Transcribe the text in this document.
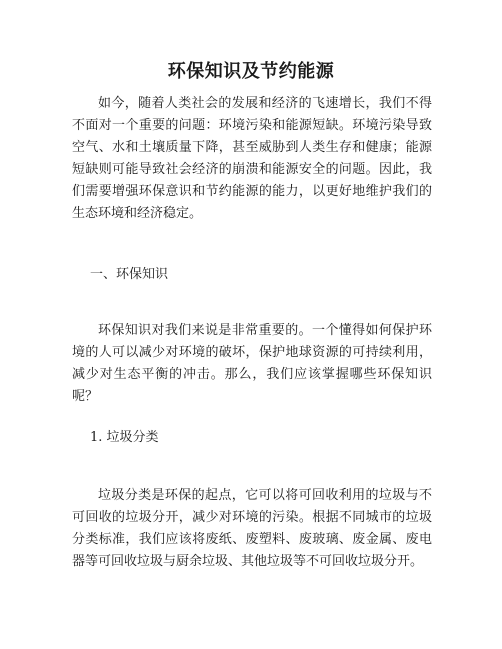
环保知识及节约能源

如今，随着人类社会的发展和经济的飞速增长，我们不得不面对一个重要的问题：环境污染和能源短缺。环境污染导致空气、水和土壤质量下降，甚至威胁到人类生存和健康；能源短缺则可能导致社会经济的崩溃和能源安全的问题。因此，我们需要增强环保意识和节约能源的能力，以更好地维护我们的生态环境和经济稳定。

一、环保知识

环保知识对我们来说是非常重要的。一个懂得如何保护环境的人可以减少对环境的破坏，保护地球资源的可持续利用，减少对生态平衡的冲击。那么，我们应该掌握哪些环保知识呢？

1. 垃圾分类

垃圾分类是环保的起点，它可以将可回收利用的垃圾与不可回收的垃圾分开，减少对环境的污染。根据不同城市的垃圾分类标准，我们应该将废纸、废塑料、废玻璃、废金属、废电器等可回收垃圾与厨余垃圾、其他垃圾等不可回收垃圾分开。
